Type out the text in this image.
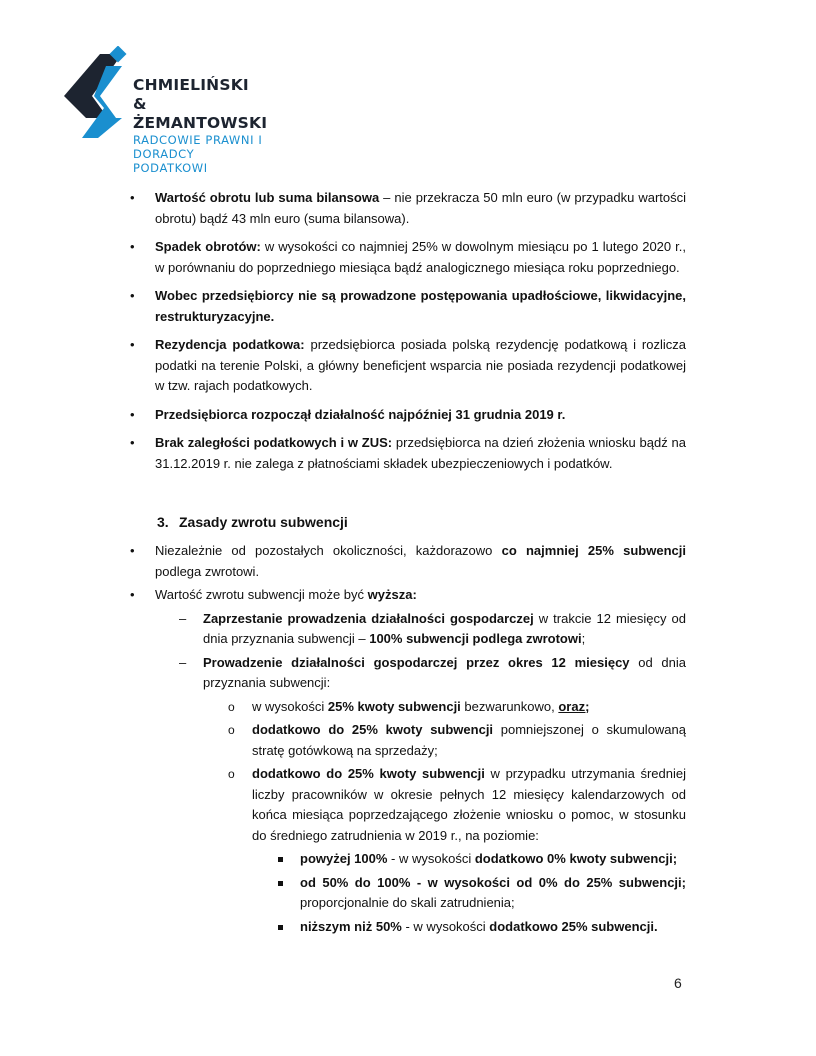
CHMIELIŃSKI &
ŻEMANTOWSKI
RADCOWIE PRAWNI I
DORADCY PODATKOWI
• Wartość obrotu lub suma bilansowa – nie przekracza 50 mln euro (w przypadku wartości obrotu) bądź 43 mln euro (suma bilansowa).
• Spadek obrotów: w wysokości co najmniej 25% w dowolnym miesiącu po 1 lutego 2020 r., w porównaniu do poprzedniego miesiąca bądź analogicznego miesiąca roku poprzedniego.
• Wobec przedsiębiorcy nie są prowadzone postępowania upadłościowe, likwidacyjne, restrukturyzacyjne.
• Rezydencja podatkowa: przedsiębiorca posiada polską rezydencję podatkową i rozlicza podatki na terenie Polski, a główny beneficjent wsparcia nie posiada rezydencji podatkowej w tzw. rajach podatkowych.
• Przedsiębiorca rozpoczął działalność najpóźniej 31 grudnia 2019 r.
• Brak zaległości podatkowych i w ZUS: przedsiębiorca na dzień złożenia wniosku bądź na 31.12.2019 r. nie zalega z płatnościami składek ubezpieczeniowych i podatków.
3. Zasady zwrotu subwencji
• Niezależnie od pozostałych okoliczności, każdorazowo co najmniej 25% subwencji podlega zwrotowi.
• Wartość zwrotu subwencji może być wyższa:
– Zaprzestanie prowadzenia działalności gospodarczej w trakcie 12 miesięcy od dnia przyznania subwencji – 100% subwencji podlega zwrotowi;
– Prowadzenie działalności gospodarczej przez okres 12 miesięcy od dnia przyznania subwencji:
o w wysokości 25% kwoty subwencji bezwarunkowo, oraz;
o dodatkowo do 25% kwoty subwencji pomniejszonej o skumulowaną stratę gotówkową na sprzedaży;
o dodatkowo do 25% kwoty subwencji w przypadku utrzymania średniej liczby pracowników w okresie pełnych 12 miesięcy kalendarzowych od końca miesiąca poprzedzającego złożenie wniosku o pomoc, w stosunku do średniego zatrudnienia w 2019 r., na poziomie:
powyżej 100% - w wysokości dodatkowo 0% kwoty subwencji;
od 50% do 100% - w wysokości od 0% do 25% subwencji; proporcjonalnie do skali zatrudnienia;
niższym niż 50% - w wysokości dodatkowo 25% subwencji.
6
